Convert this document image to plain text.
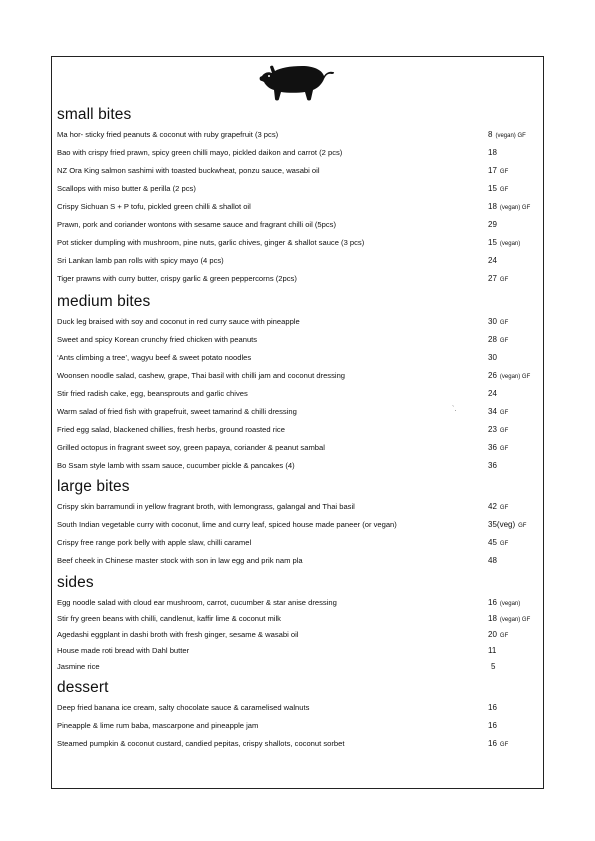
small bites
Ma hor- sticky fried peanuts & coconut with ruby grapefruit (3 pcs)	8 (vegan) GF
Bao with crispy fried prawn, spicy green chilli mayo, pickled daikon and carrot (2 pcs)	18
NZ Ora King salmon sashimi with toasted buckwheat, ponzu sauce, wasabi oil	17 GF
Scallops with miso butter & perilla (2 pcs)	15 GF
Crispy Sichuan S + P tofu, pickled green chilli & shallot oil	18 (vegan) GF
Prawn, pork and coriander wontons with sesame sauce and fragrant chilli oil (5pcs)	29
Pot sticker dumpling with mushroom, pine nuts, garlic chives, ginger & shallot sauce (3 pcs)	15 (vegan)
Sri Lankan lamb pan rolls with spicy mayo (4 pcs)	24
Tiger prawns with curry butter, crispy garlic & green peppercorns (2pcs)	27 GF
medium bites
Duck leg braised with soy and coconut in red curry sauce with pineapple	30 GF
Sweet and spicy Korean crunchy fried chicken with peanuts	28 GF
‘Ants climbing a tree’, wagyu beef & sweet potato noodles	30
Woonsen noodle salad, cashew, grape, Thai basil with chilli jam and coconut dressing	26 (vegan) GF
Stir fried radish cake, egg, beansprouts and garlic chives	24
Warm salad of fried fish with grapefruit, sweet tamarind & chilli dressing	34 GF
Fried egg salad, blackened chillies, fresh herbs, ground roasted rice	23 GF
Grilled octopus in fragrant sweet soy, green papaya, coriander & peanut sambal	36 GF
Bo Ssam style lamb with ssam sauce, cucumber pickle & pancakes (4)	36
large bites
Crispy skin barramundi in yellow fragrant broth, with lemongrass, galangal and Thai basil	42 GF
South Indian vegetable curry with coconut, lime and curry leaf, spiced house made paneer (or vegan)	35(veg) GF
Crispy free range pork belly with apple slaw, chilli caramel	45 GF
Beef cheek in Chinese master stock with son in law egg and prik nam pla	48
sides
Egg noodle salad with cloud ear mushroom, carrot, cucumber & star anise dressing	16 (vegan)
Stir fry green beans with chilli, candlenut, kaffir lime & coconut milk	18 (vegan) GF
Agedashi eggplant in dashi broth with fresh ginger, sesame & wasabi oil	20 GF
House made roti bread with Dahl butter	11
Jasmine rice	5
dessert
Deep fried banana ice cream, salty chocolate sauce & caramelised walnuts	16
Pineapple & lime rum baba, mascarpone and pineapple jam	16
Steamed pumpkin & coconut custard, candied pepitas, crispy shallots, coconut sorbet	16 GF
`.
